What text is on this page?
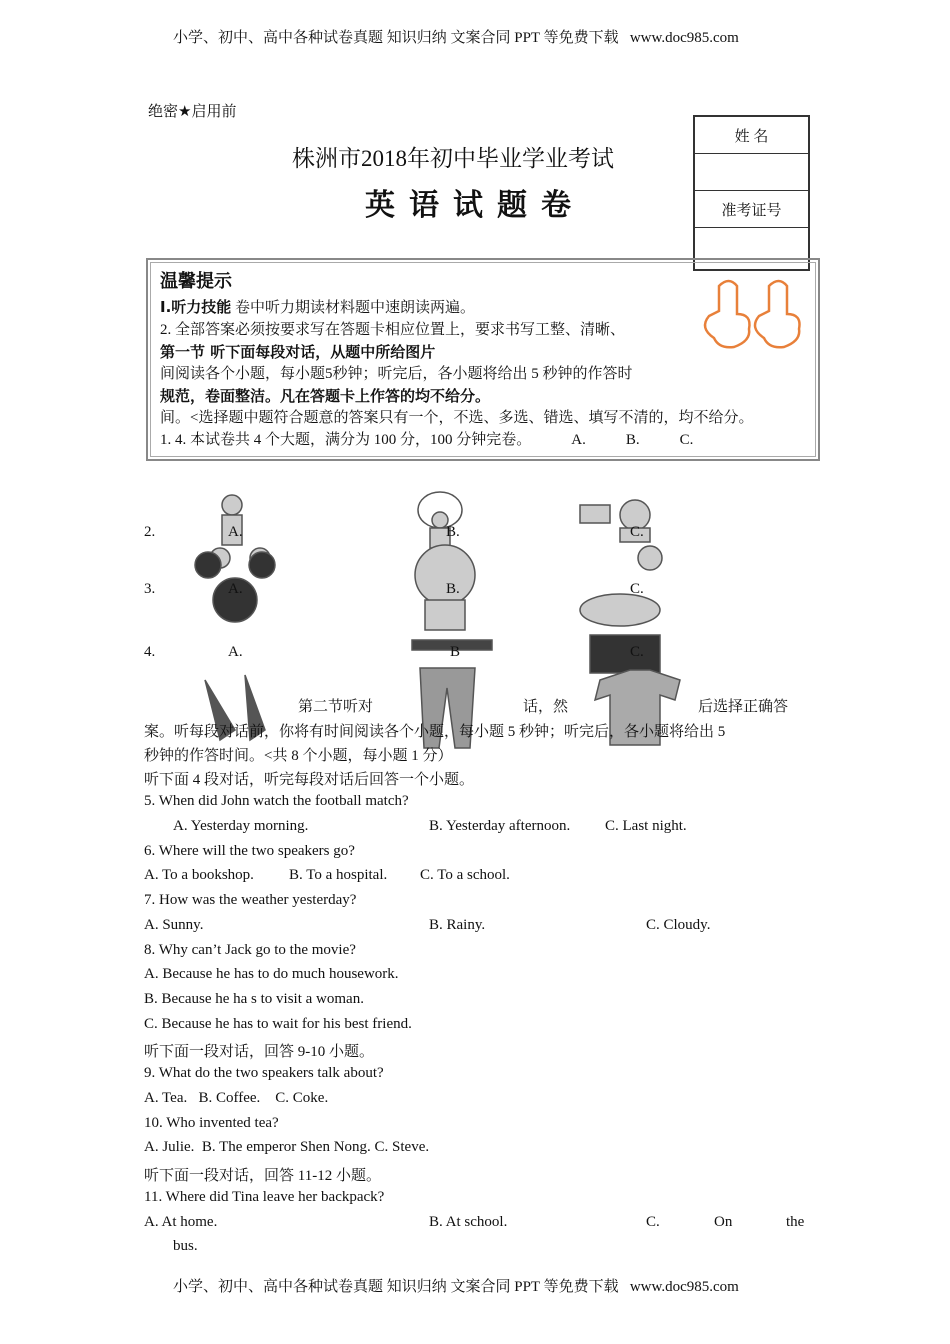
小学、初中、高中各种试卷真题 知识归纳 文案合同 PPT 等免费下载 www.doc985.com
绝密★启用前
株洲市2018年初中毕业学业考试
英语试题卷
姓 名
准考证号
温馨提示
I.听力技能 卷中听力期读材料题中速朗读两遍。
2. 全部答案必须按要求写在答题卡相应位置上，要求书写工整、清晰、
第一节 听下面每段对话，从题中所给图片
间阅读各个小题，每小题5秒钟；听完后，各小题将给出 5 秒钟的作答时
规范，卷面整洁。凡在答题卡上作答的均不给分。
间。<选择题中题符合题意的答案只有一个，不选、多选、错选、填写不清的，均不给分。
1. 4. 本试卷共 4 个大题，满分为 100 分，100 分钟完卷。	A.	B.	C.
2.
3.
4.
A.	B.	C.
A.	B.	C.
A.	B	C.
第二节听对	话，然	后选择正确答
案。听每段对话前，你将有时间阅读各个小题，每小题 5 秒钟；听完后，各小题将给出 5
秒钟的作答时间。<共 8 个小题，每小题 1 分）
听下面 4 段对话，听完每段对话后回答一个小题。
5. When did John watch the football match?
A. Yesterday morning.	B. Yesterday afternoon. C. Last night.
6. Where will the two speakers go?
A. To a bookshop. B. To a hospital. C. To a school.
7. How was the weather yesterday?
A. Sunny.	B. Rainy.	C. Cloudy.
8. Why can’t Jack go to the movie?
A. Because he has to do much housework.
B. Because he ha s to visit a woman.
C. Because he has to wait for his best friend.
听下面一段对话，回答 9-10 小题。
9. What do the two speakers talk about?
A. Tea.   B. Coffee.    C. Coke.
10. Who invented tea?
A. Julie.  B. The emperor Shen Nong. C. Steve.
听下面一段对话，回答 11-12 小题。
11. Where did Tina leave her backpack?
A. At home.	B. At school.	C.	On	the
bus.
小学、初中、高中各种试卷真题 知识归纳 文案合同 PPT 等免费下载 www.doc985.com
